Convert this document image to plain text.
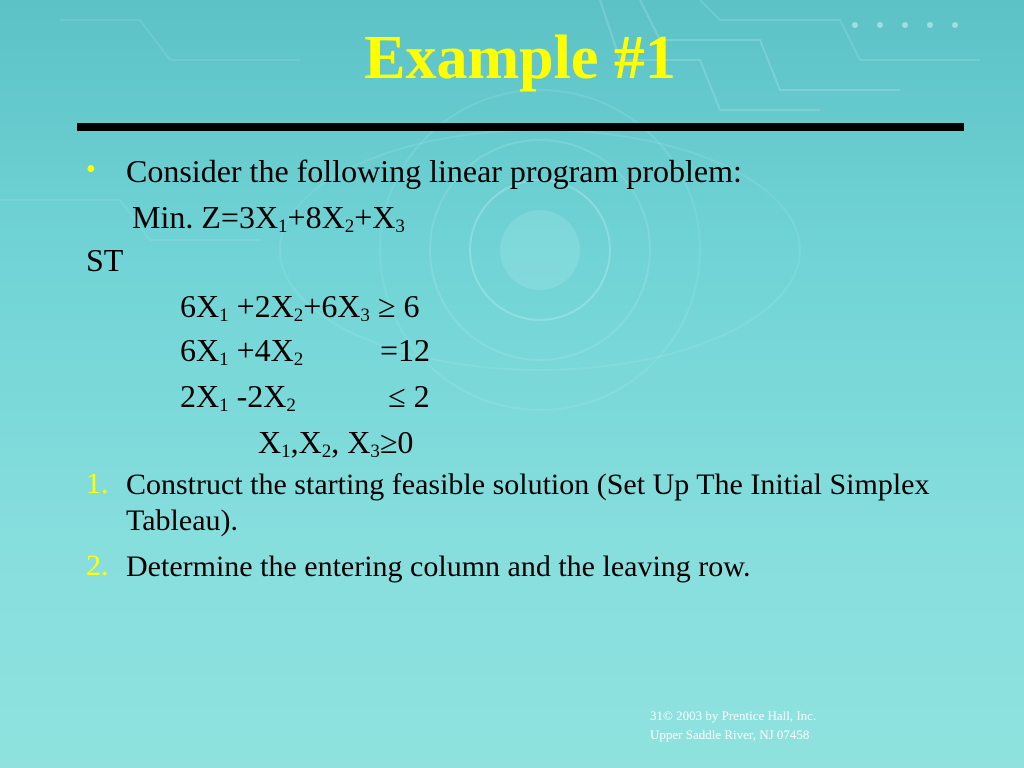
Example #1
• Consider the following linear program problem:
Min. $Z=3X_1+8X_2+X_3$
ST
$6X_1 +2X_2+6X_3 \ge 6$
$6X_1 +4X_2 =12$
$2X_1$ $-2X_2$	≤ 2
$X_1,X_2$, $X_3\ge 0$
1. Construct the starting feasible solution (Set Up The Initial Simplex Tableau).
2. Determine the entering column and the leaving row.
31© 2003 by Prentice Hall, Inc.
Upper Saddle River, NJ 07458
